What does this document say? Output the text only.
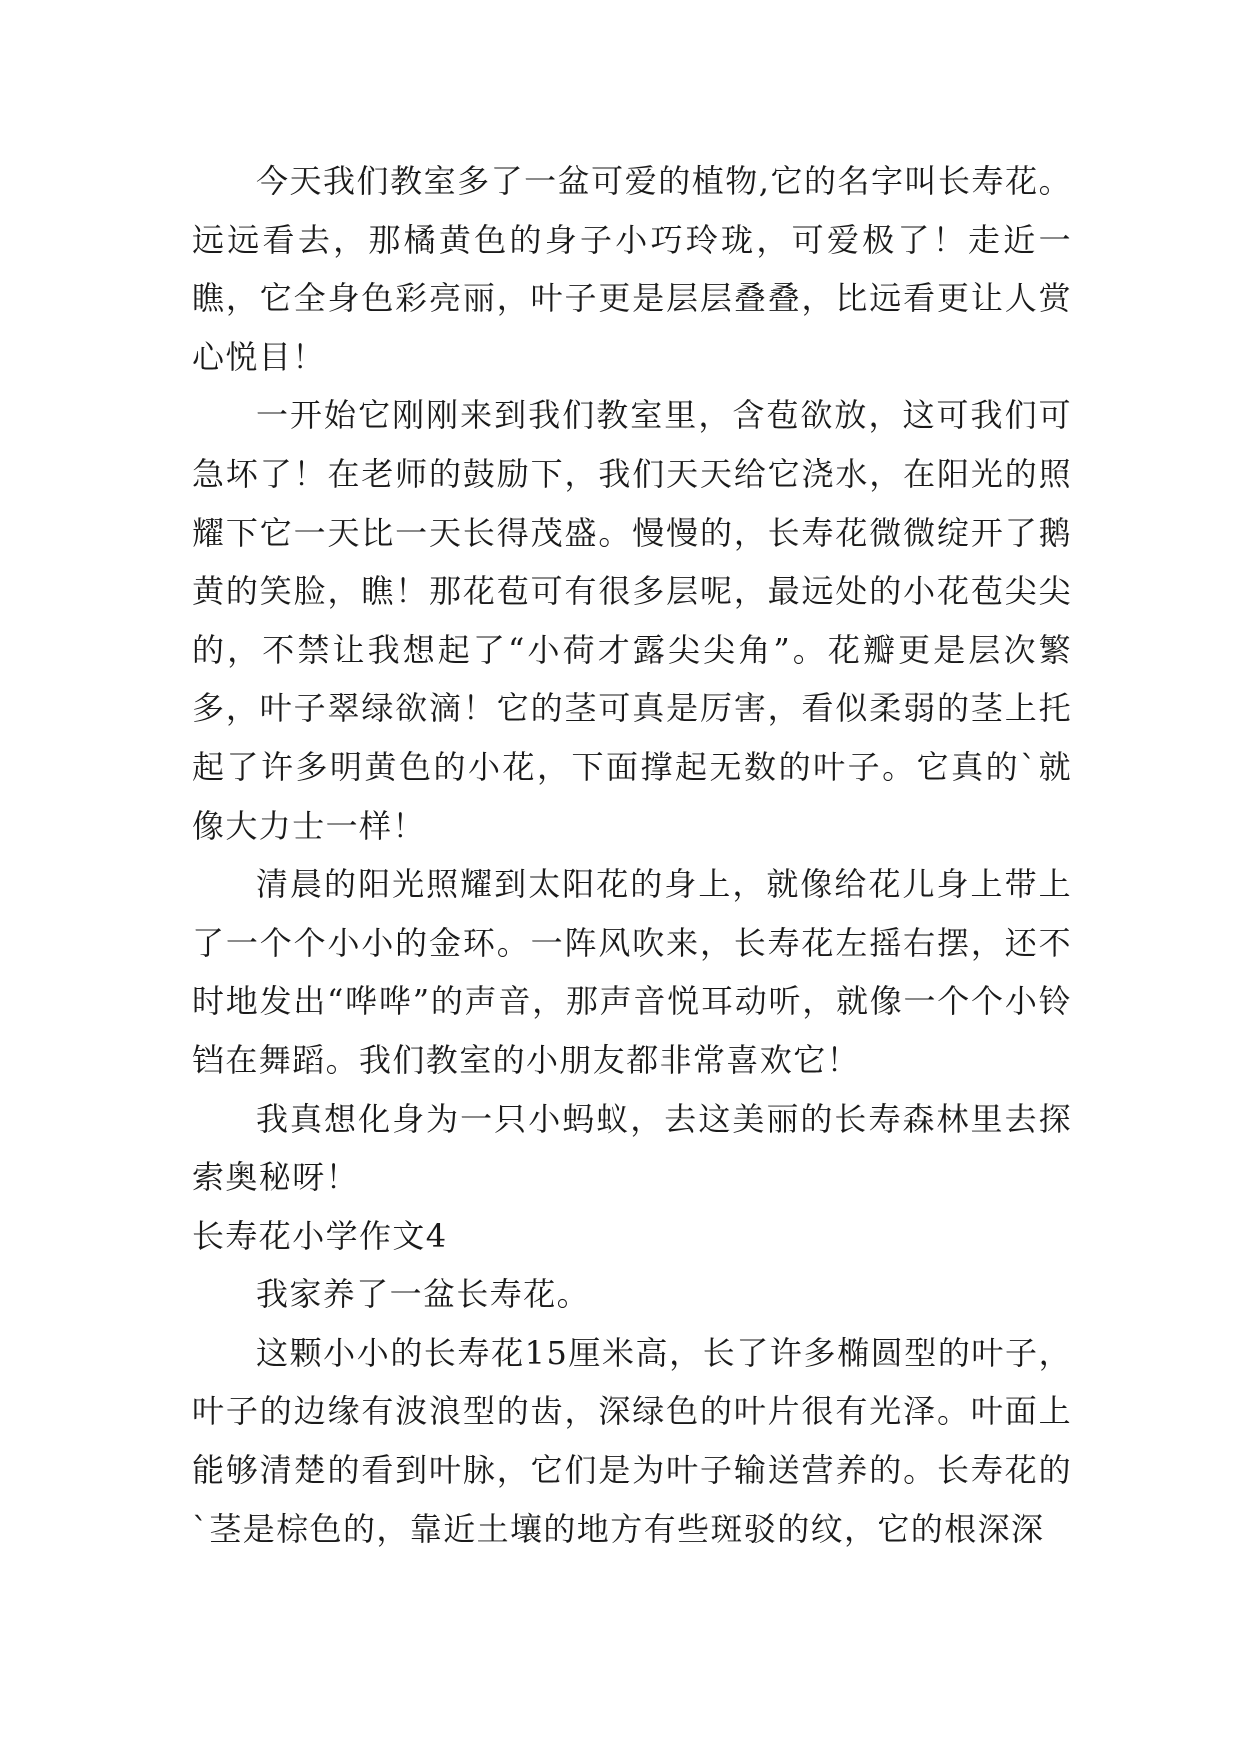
今天我们教室多了一盆可爱的植物,它的名字叫长寿花。远远看去，那橘黄色的身子小巧玲珑，可爱极了！走近一瞧，它全身色彩亮丽，叶子更是层层叠叠，比远看更让人赏心悦目！

一开始它刚刚来到我们教室里，含苞欲放，这可我们可急坏了！在老师的鼓励下，我们天天给它浇水，在阳光的照耀下它一天比一天长得茂盛。慢慢的，长寿花微微绽开了鹅黄的笑脸，瞧！那花苞可有很多层呢，最远处的小花苞尖尖的，不禁让我想起了“小荷才露尖尖角”。花瓣更是层次繁多，叶子翠绿欲滴！它的茎可真是厉害，看似柔弱的茎上托起了许多明黄色的小花，下面撑起无数的叶子。它真的`就像大力士一样！

清晨的阳光照耀到太阳花的身上，就像给花儿身上带上了一个个小小的金环。一阵风吹来，长寿花左摇右摆，还不时地发出“哗哗”的声音，那声音悦耳动听，就像一个个小铃铛在舞蹈。我们教室的小朋友都非常喜欢它！

我真想化身为一只小蚂蚁，去这美丽的长寿森林里去探索奥秘呀！

长寿花小学作文4

我家养了一盆长寿花。

这颗小小的长寿花15厘米高，长了许多椭圆型的叶子，叶子的边缘有波浪型的齿，深绿色的叶片很有光泽。叶面上能够清楚的看到叶脉，它们是为叶子输送营养的。长寿花的`茎是棕色的，靠近土壤的地方有些斑驳的纹，它的根深深
